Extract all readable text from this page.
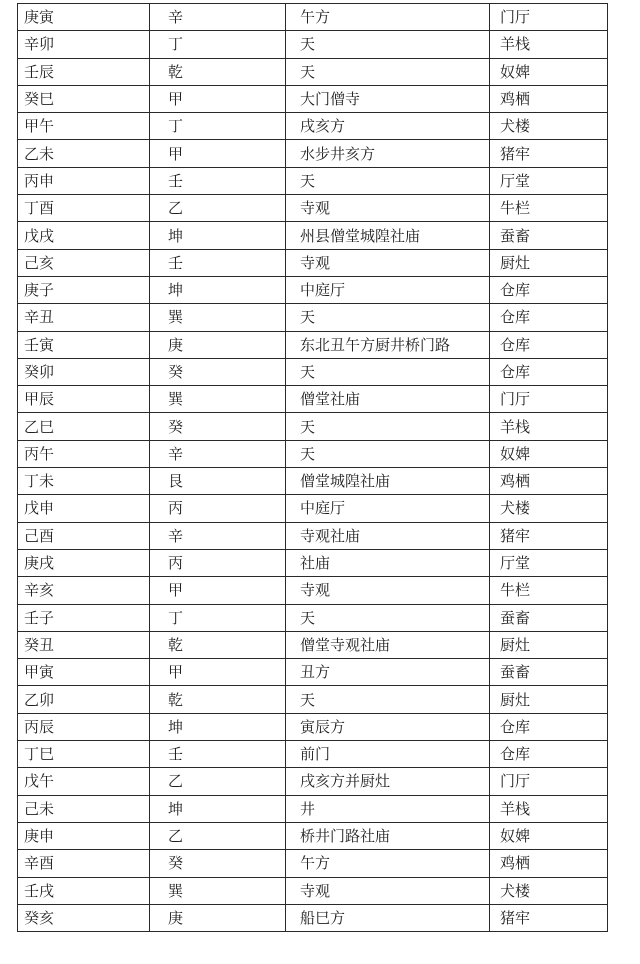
庚寅	辛	午方	门厅
辛卯	丁	天	羊栈
壬辰	乾	天	奴婢
癸巳	甲	大门僧寺	鸡栖
甲午	丁	戌亥方	犬楼
乙未	甲	水步井亥方	猪牢
丙申	壬	天	厅堂
丁酉	乙	寺观	牛栏
戊戌	坤	州县僧堂城隍社庙	蚕畜
己亥	壬	寺观	厨灶
庚子	坤	中庭厅	仓库
辛丑	巽	天	仓库
壬寅	庚	东北丑午方厨井桥门路	仓库
癸卯	癸	天	仓库
甲辰	巽	僧堂社庙	门厅
乙巳	癸	天	羊栈
丙午	辛	天	奴婢
丁未	艮	僧堂城隍社庙	鸡栖
戊申	丙	中庭厅	犬楼
己酉	辛	寺观社庙	猪牢
庚戌	丙	社庙	厅堂
辛亥	甲	寺观	牛栏
壬子	丁	天	蚕畜
癸丑	乾	僧堂寺观社庙	厨灶
甲寅	甲	丑方	蚕畜
乙卯	乾	天	厨灶
丙辰	坤	寅辰方	仓库
丁巳	壬	前门	仓库
戊午	乙	戌亥方并厨灶	门厅
己未	坤	井	羊栈
庚申	乙	桥井门路社庙	奴婢
辛酉	癸	午方	鸡栖
壬戌	巽	寺观	犬楼
癸亥	庚	船巳方	猪牢
